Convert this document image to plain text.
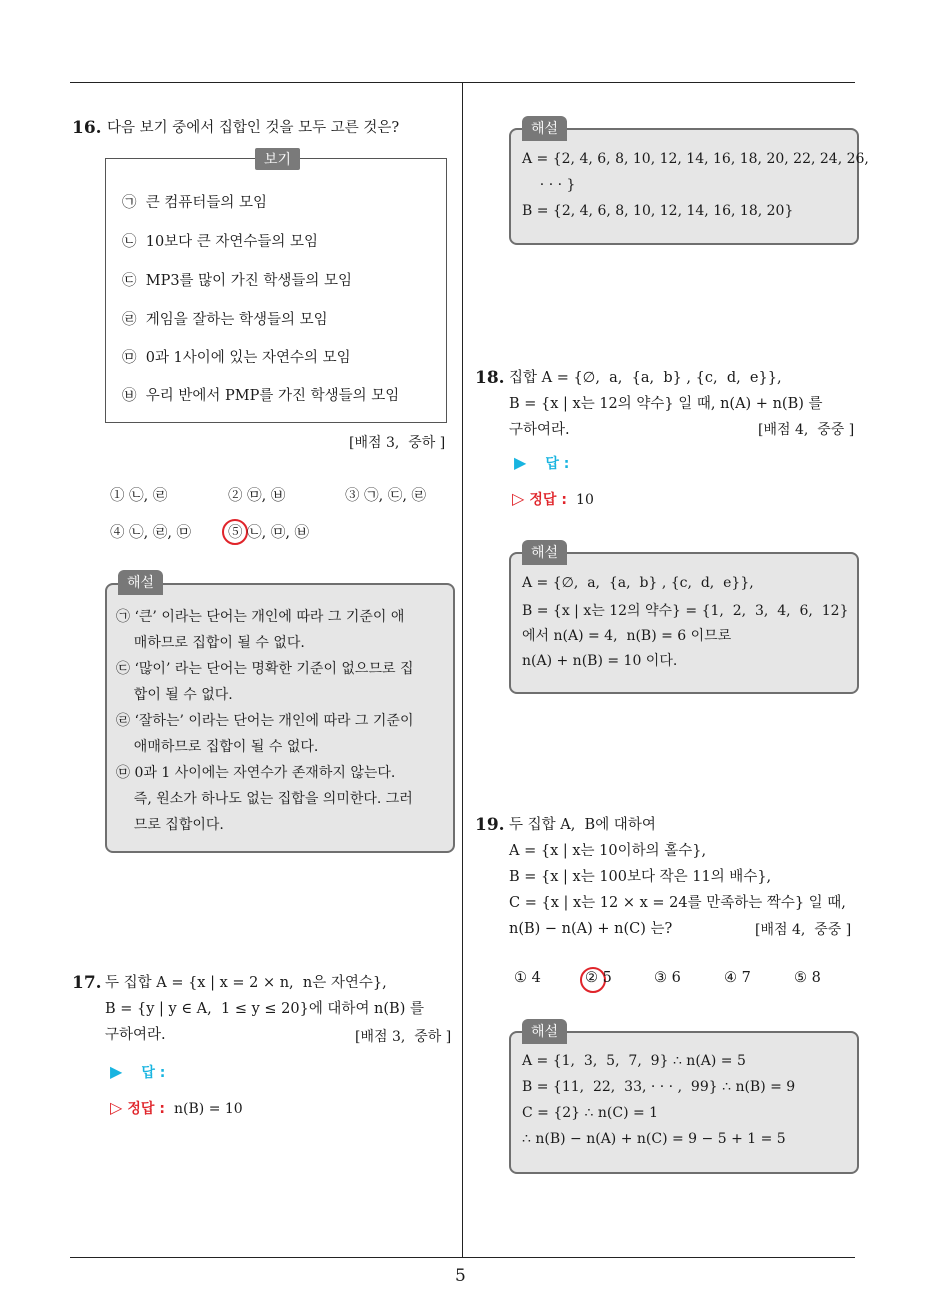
5
16. 다음 보기 중에서 집합인 것을 모두 고른 것은?
보기
㉠  큰 컴퓨터들의 모임
㉡  10보다 큰 자연수들의 모임
㉢  MP3를 많이 가진 학생들의 모임
㉣  게임을 잘하는 학생들의 모임
㉤  0과 1사이에 있는 자연수의 모임
㉥  우리 반에서 PMP를 가진 학생들의 모임
[배점 3,  중하 ]
① ㉡, ㉣	② ㉤, ㉥	③ ㉠, ㉢, ㉣
④ ㉡, ㉣, ㉤	⑤ ㉡, ㉤, ㉥
해설
㉠ ‘큰’ 이라는 단어는 개인에 따라 그 기준이 애
매하므로 집합이 될 수 없다.
㉢ ‘많이’ 라는 단어는 명확한 기준이 없으므로 집
합이 될 수 없다.
㉣ ‘잘하는’ 이라는 단어는 개인에 따라 그 기준이
애매하므로 집합이 될 수 없다.
㉤ 0과 1 사이에는 자연수가 존재하지 않는다.
즉, 원소가 하나도 없는 집합을 의미한다. 그러
므로 집합이다.
17. 두 집합 A = {x | x = 2 × n,  n은 자연수},
B = {y | y ∈ A,  1 ≤ y ≤ 20}에 대하여 n(B) 를
구하여라.	[배점 3,  중하 ]
▶ 답 :
▷ 정답 : n(B) = 10
해설
A = {2, 4, 6, 8, 10, 12, 14, 16, 18, 20, 22, 24, 26,
· · · }
B = {2, 4, 6, 8, 10, 12, 14, 16, 18, 20}
18. 집합 A = {∅,  a,  {a,  b} , {c,  d,  e}},
B = {x | x는 12의 약수} 일 때, n(A) + n(B) 를
구하여라.	[배점 4,  중중 ]
▶ 답 :
▷ 정답 : 10
해설
A = {∅,  a,  {a,  b} , {c,  d,  e}},
B = {x | x는 12의 약수} = {1,  2,  3,  4,  6,  12}
에서 n(A) = 4,  n(B) = 6 이므로
n(A) + n(B) = 10 이다.
19. 두 집합 A,  B에 대하여
A = {x | x는 10이하의 홀수},
B = {x | x는 100보다 작은 11의 배수},
C = {x | x는 12 × x = 24를 만족하는 짝수} 일 때,
n(B) − n(A) + n(C) 는?	[배점 4,  중중 ]
① 4	② 5	③ 6	④ 7	⑤ 8
해설
A = {1,  3,  5,  7,  9} ∴ n(A) = 5
B = {11,  22,  33, · · · ,  99} ∴ n(B) = 9
C = {2} ∴ n(C) = 1
∴ n(B) − n(A) + n(C) = 9 − 5 + 1 = 5
